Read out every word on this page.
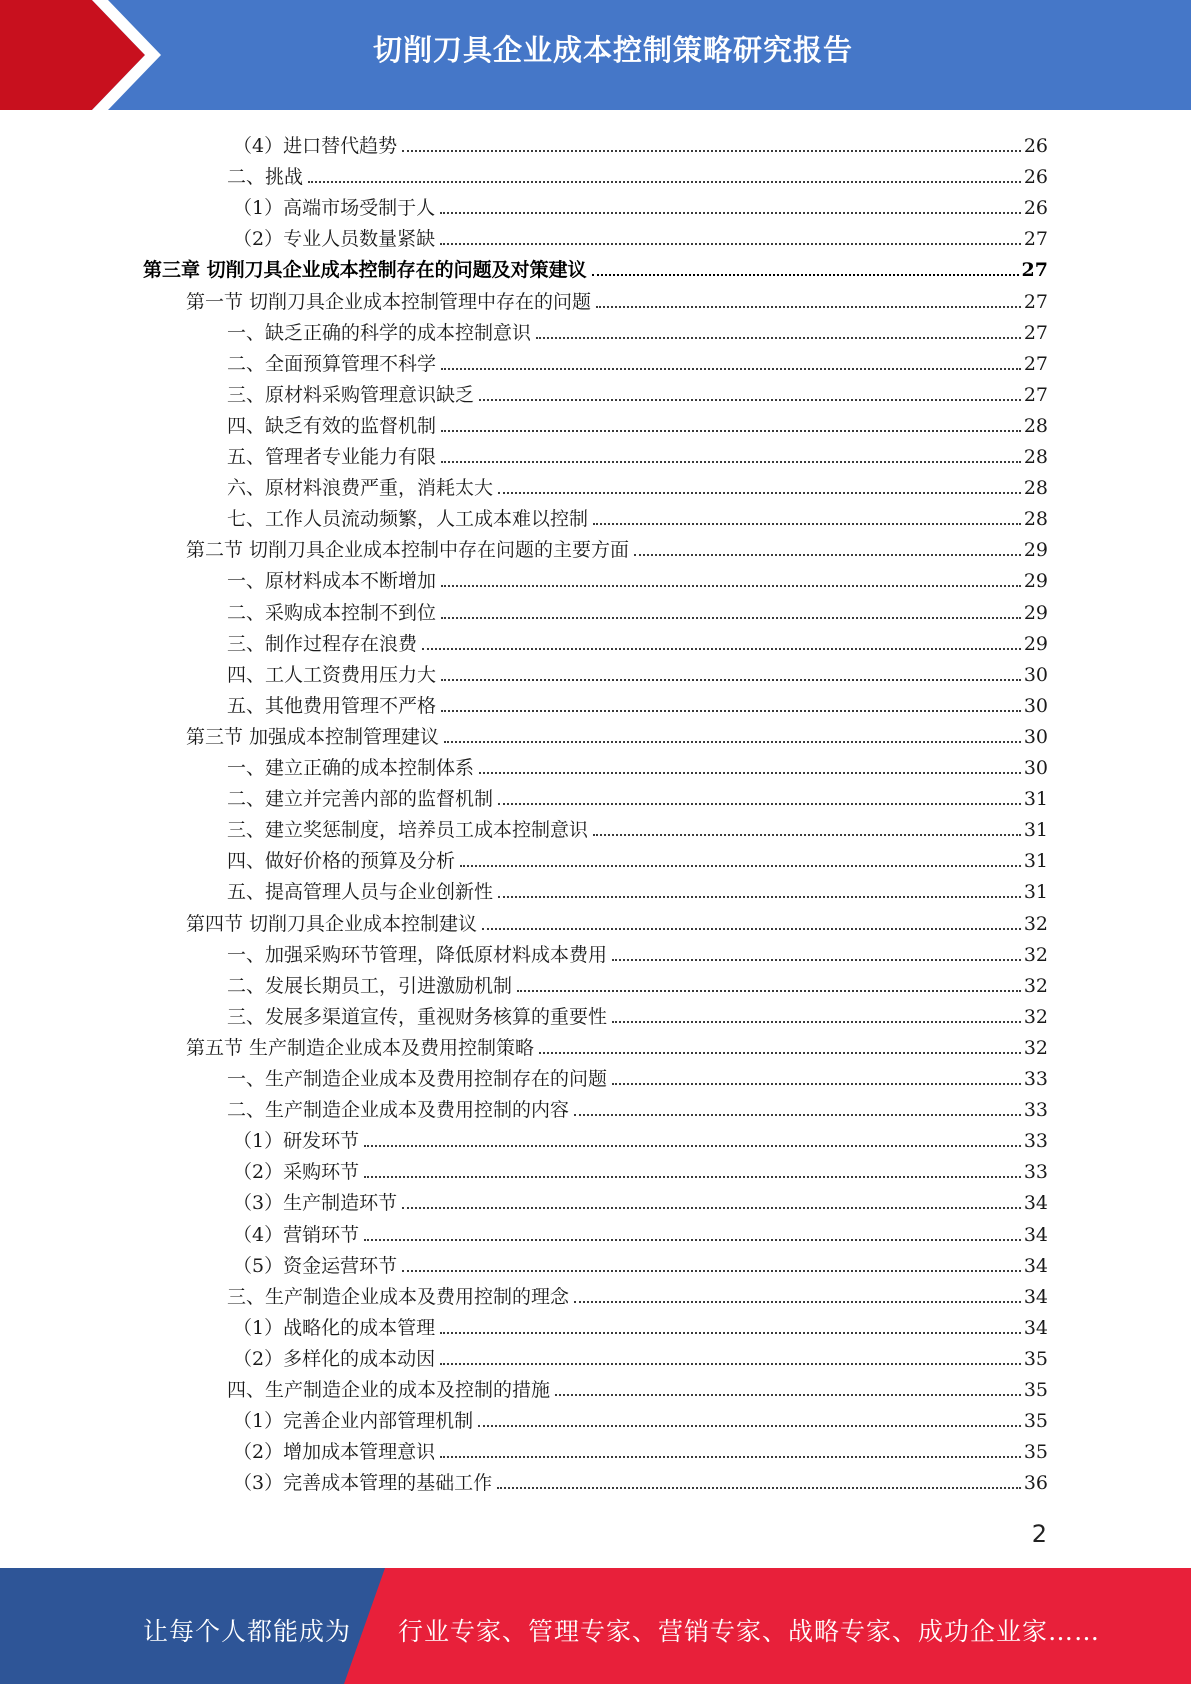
切削刀具企业成本控制策略研究报告
（4）进口替代趋势	26
二、挑战	26
（1）高端市场受制于人	26
（2）专业人员数量紧缺	27
第三章 切削刀具企业成本控制存在的问题及对策建议	27
第一节 切削刀具企业成本控制管理中存在的问题	27
一、缺乏正确的科学的成本控制意识	27
二、全面预算管理不科学	27
三、原材料采购管理意识缺乏	27
四、缺乏有效的监督机制	28
五、管理者专业能力有限	28
六、原材料浪费严重，消耗太大	28
七、工作人员流动频繁，人工成本难以控制	28
第二节 切削刀具企业成本控制中存在问题的主要方面	29
一、原材料成本不断增加	29
二、采购成本控制不到位	29
三、制作过程存在浪费	29
四、工人工资费用压力大	30
五、其他费用管理不严格	30
第三节 加强成本控制管理建议	30
一、建立正确的成本控制体系	30
二、建立并完善内部的监督机制	31
三、建立奖惩制度，培养员工成本控制意识	31
四、做好价格的预算及分析	31
五、提高管理人员与企业创新性	31
第四节 切削刀具企业成本控制建议	32
一、加强采购环节管理，降低原材料成本费用	32
二、发展长期员工，引进激励机制	32
三、发展多渠道宣传，重视财务核算的重要性	32
第五节 生产制造企业成本及费用控制策略	32
一、生产制造企业成本及费用控制存在的问题	33
二、生产制造企业成本及费用控制的内容	33
（1）研发环节	33
（2）采购环节	33
（3）生产制造环节	34
（4）营销环节	34
（5）资金运营环节	34
三、生产制造企业成本及费用控制的理念	34
（1）战略化的成本管理	34
（2）多样化的成本动因	35
四、生产制造企业的成本及控制的措施	35
（1）完善企业内部管理机制	35
（2）增加成本管理意识	35
（3）完善成本管理的基础工作	36
2
让每个人都能成为 行业专家、管理专家、营销专家、战略专家、成功企业家……
